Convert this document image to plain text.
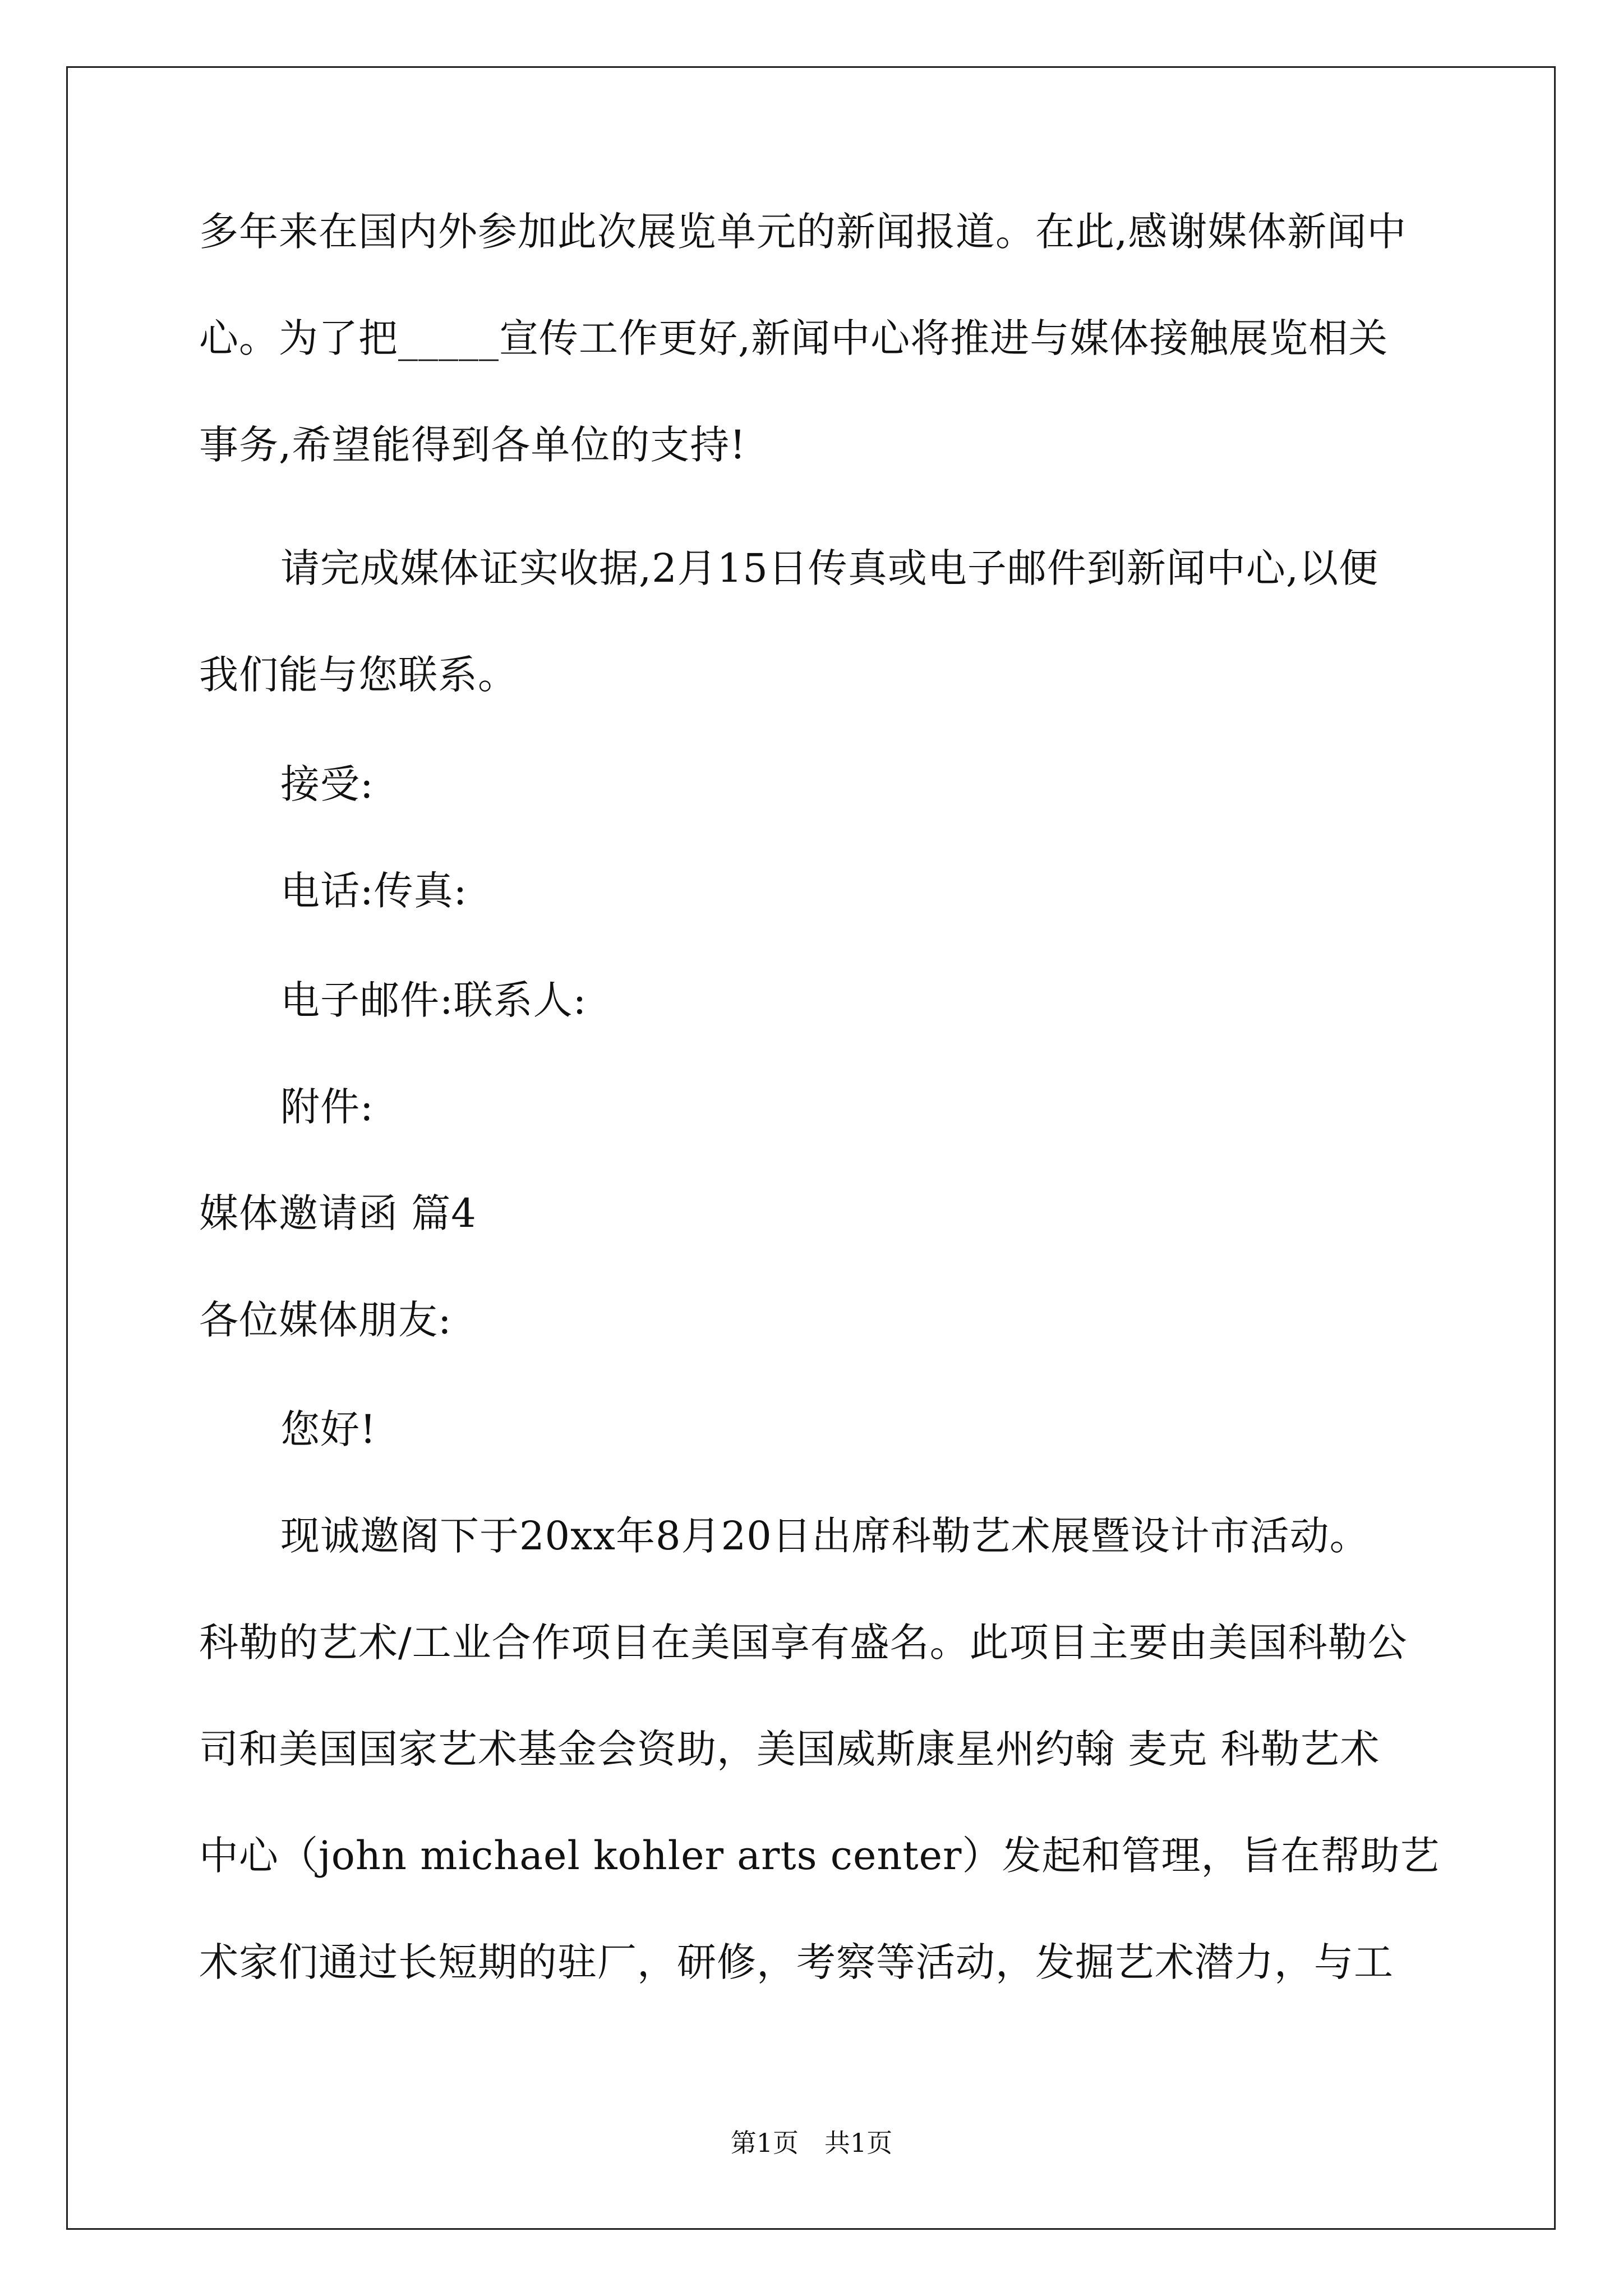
多年来在国内外参加此次展览单元的新闻报道。在此,感谢媒体新闻中
心。为了把_____宣传工作更好,新闻中心将推进与媒体接触展览相关
事务,希望能得到各单位的支持!
请完成媒体证实收据,2月15日传真或电子邮件到新闻中心,以便
我们能与您联系。
接受:
电话:传真:
电子邮件:联系人:
附件:
媒体邀请函 篇4
各位媒体朋友:
您好!
现诚邀阁下于20xx年8月20日出席科勒艺术展暨设计市活动。
科勒的艺术/工业合作项目在美国享有盛名。此项目主要由美国科勒公
司和美国国家艺术基金会资助，美国威斯康星州约翰 麦克 科勒艺术
中心（john michael kohler arts center）发起和管理，旨在帮助艺
术家们通过长短期的驻厂，研修，考察等活动，发掘艺术潜力，与工
第1页　共1页
